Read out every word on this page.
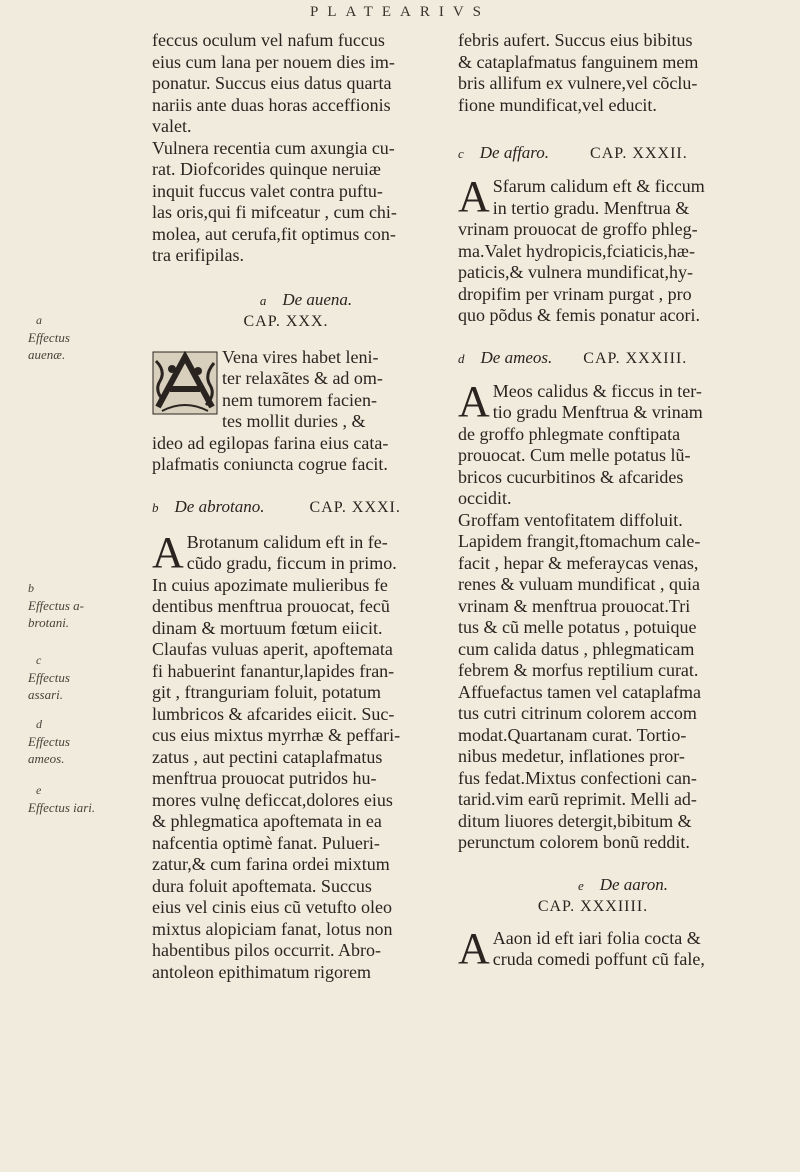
PLATEARIVS
a
Effectus auenæ.
b
Effectus a-brotani.
c
Effectus assari.
d
Effectus ameos.
e
Effectus iari.
feccus oculum vel nafum fuccus
eius cum lana per nouem dies im-
ponatur. Succus eius datus quarta
nariis ante duas horas acceffionis
valet.
Vulnera recentia cum axungia cu-
rat. Diofcorides quinque neruiæ
inquit fuccus valet contra puftu-
las oris,qui fi mifceatur , cum chi-
molea, aut cerufa,fit optimus con-
tra erifipilas.
a De auena.
CAP. XXX.
Vena vires habet leni-
ter relaxãtes & ad om-
nem tumorem facien-
tes mollit duries , &
ideo ad egilopas farina eius cata-
plafmatis coniuncta cogrue facit.
b De abrotano.	CAP. XXXI.
A Brotanum calidum eft in fe-
cũdo gradu, ficcum in primo.
In cuius apozimate mulieribus fe
dentibus menftrua prouocat, fecũ
dinam & mortuum fœtum eiicit.
Claufas vuluas aperit, apoftemata
fi habuerint fanantur,lapides fran-
git , ftranguriam foluit, potatum
lumbricos & afcarides eiicit. Suc-
cus eius mixtus myrrhæ & peffari-
zatus , aut pectini cataplafmatus
menftrua prouocat putridos hu-
mores vulnę deficcat,dolores eius
& phlegmatica apoftemata in ea
nafcentia optimè fanat. Pulueri-
zatur,& cum farina ordei mixtum
dura foluit apoftemata. Succus
eius vel cinis eius cũ vetufto oleo
mixtus alopiciam fanat, lotus non
habentibus pilos occurrit. Abro-
antoleon epithimatum rigorem
febris aufert. Succus eius bibitus
& cataplafmatus fanguinem mem
bris allifum ex vulnere,vel cõclu-
fione mundificat,vel educit.
c De affaro.	CAP. XXXII.
A Sfarum calidum eft & ficcum
in tertio gradu. Menftrua &
vrinam prouocat de groffo phleg-
ma.Valet hydropicis,fciaticis,hæ-
paticis,& vulnera mundificat,hy-
dropifim per vrinam purgat , pro
quo põdus & femis ponatur acori.
d De ameos. CAP. XXXIII.
A Meos calidus & ficcus in ter-
tio gradu Menftrua & vrinam
de groffo phlegmate conftipata
prouocat. Cum melle potatus lũ-
bricos cucurbitinos & afcarides
occidit.
Groffam ventofitatem diffoluit.
Lapidem frangit,ftomachum cale-
facit , hepar & meferaycas venas,
renes & vuluam mundificat , quia
vrinam & menftrua prouocat.Tri
tus & cũ melle potatus , potuique
cum calida datus , phlegmaticam
febrem & morfus reptilium curat.
Affuefactus tamen vel cataplafma
tus cutri citrinum colorem accom
modat.Quartanam curat. Tortio-
nibus medetur, inflationes pror-
fus fedat.Mixtus confectioni can-
tarid.vim earũ reprimit. Melli ad-
ditum liuores detergit,bibitum &
perunctum colorem bonũ reddit.
e De aaron.
CAP. XXXIIII.
A Aaon id eft iari folia cocta &
cruda comedi poffunt cũ fale,
